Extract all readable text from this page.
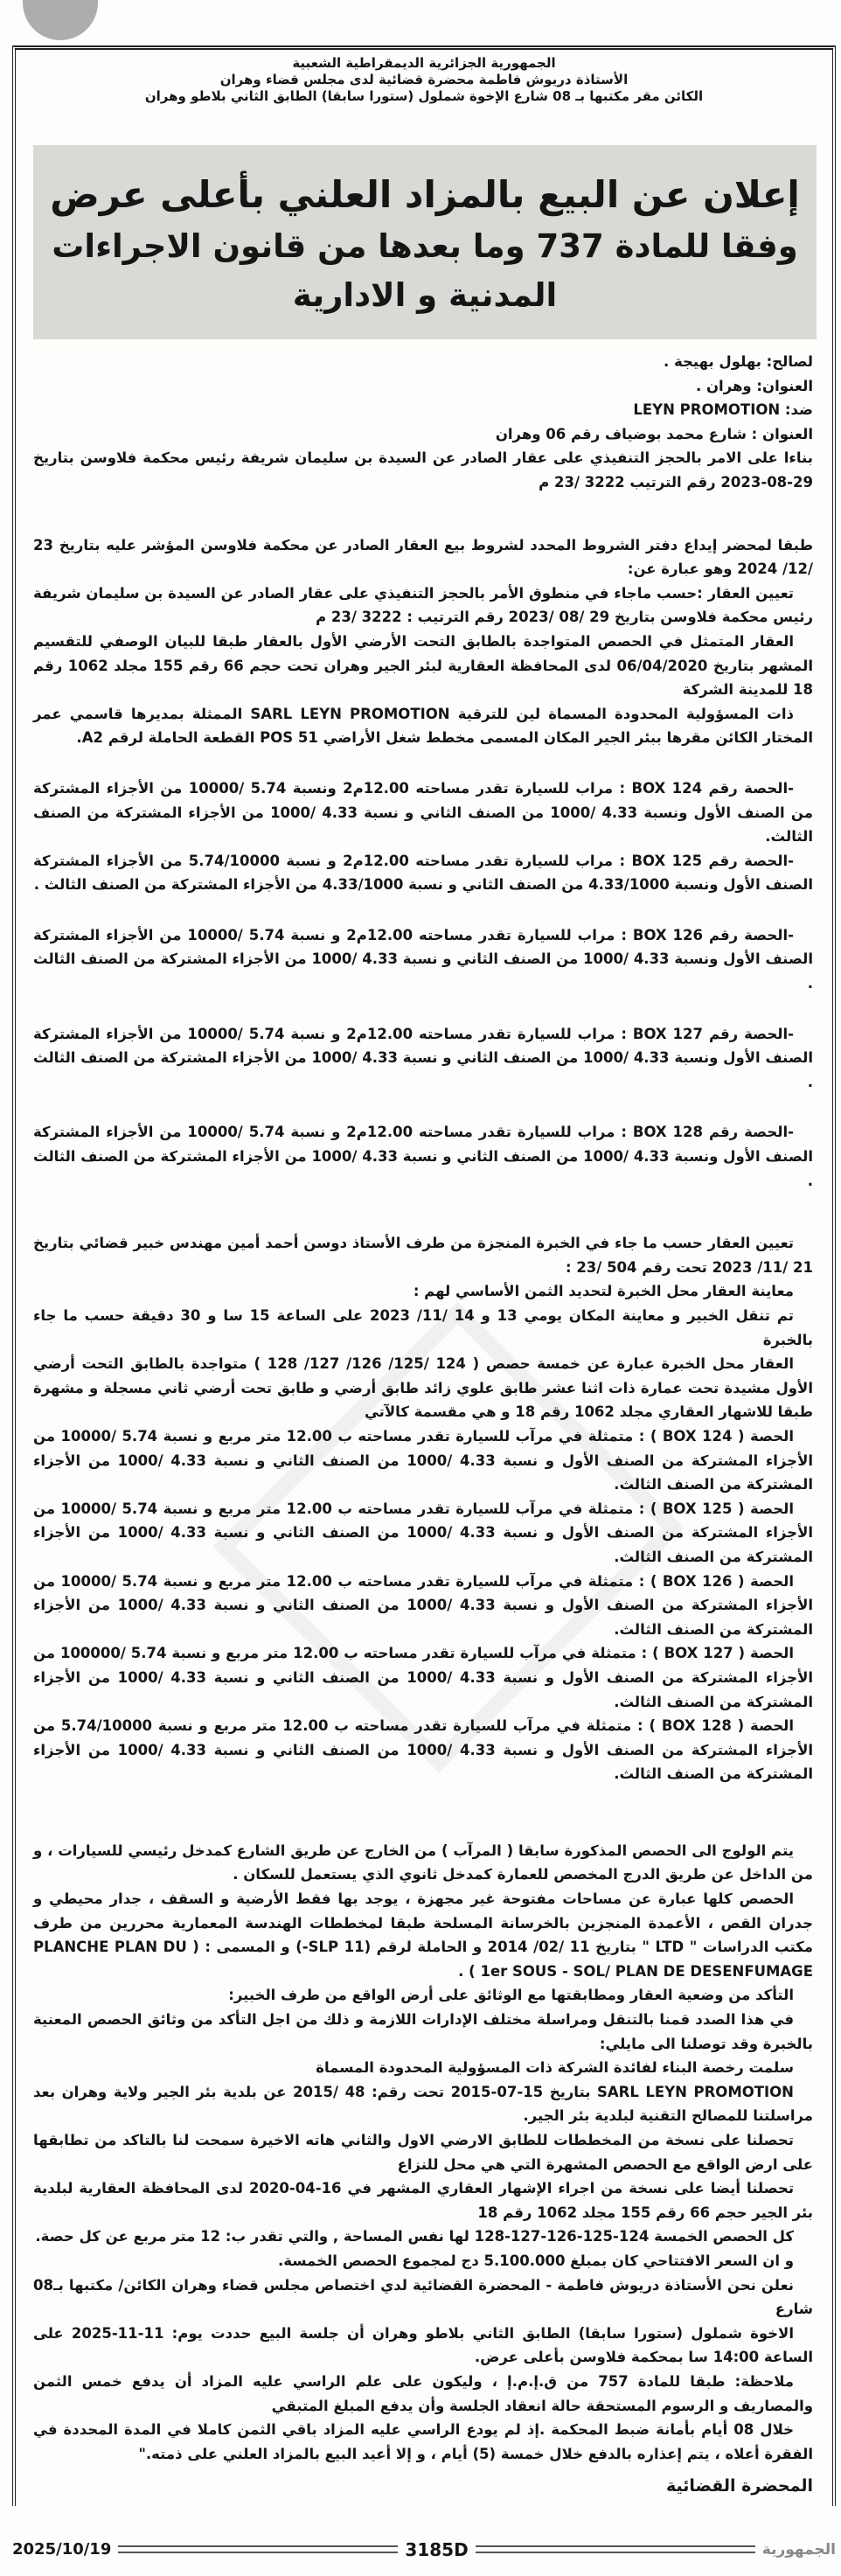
الجمهورية الجزائرية الديمقراطية الشعبية
الأستاذة دريوش فاطمة محضرة قضائية لدى مجلس قضاء وهران
الكائن مقر مكتبها بـ 08 شارع الإخوة شملول (ستورا سابقا) الطابق الثاني بلاطو وهران
إعلان عن البيع بالمزاد العلني بأعلى عرض
وفقا للمادة 737 وما بعدها من قانون الاجراءات المدنية و الادارية

لصالح: بهلول بهيجة .

العنوان: وهران .

ضد: LEYN PROMOTION

العنوان : شارع محمد بوضياف رقم 06 وهران

بناءا على الامر بالحجز التنفيذي على عقار الصادر عن السيدة بن سليمان شريفة رئيس محكمة فلاوسن بتاريخ 29-08-2023 رقم الترتيب 3222 /23 م

طبقا لمحضر إيداع دفتر الشروط المحدد لشروط بيع العقار الصادر عن محكمة فلاوسن المؤشر عليه بتاريخ 23 /12/ 2024 وهو عبارة عن:

تعيين العقار :حسب ماجاء في منطوق الأمر بالحجز التنفيذي على عقار الصادر عن السيدة بن سليمان شريفة رئيس محكمة فلاوسن بتاريخ 29 /08 /2023 رقم الترتيب : 3222 /23 م

العقار المتمثل في الحصص المتواجدة بالطابق التحت الأرضي الأول بالعقار طبقا للبيان الوصفي للتقسيم المشهر بتاريخ 06/04/2020 لدى المحافظة العقارية لبئر الجير وهران تحت حجم 66 رقم 155 مجلد 1062 رقم 18 للمدينة الشركة

ذات المسؤولية المحدودة المسماة لين للترقية SARL LEYN PROMOTION الممثلة بمديرها قاسمي عمر المختار الكائن مقرها ببئر الجير المكان المسمى مخطط شغل الأراضي POS 51 القطعة الحاملة لرقم A2.

-الحصة رقم BOX 124 : مراب للسيارة تقدر مساحته 12.00م2 ونسبة 5.74 /10000 من الأجزاء المشتركة من الصنف الأول ونسبة 4.33 /1000 من الصنف الثاني و نسبة 4.33 /1000 من الأجزاء المشتركة من الصنف الثالث.

-الحصة رقم BOX 125 : مراب للسيارة تقدر مساحته 12.00م2 و نسبة 5.74/10000 من الأجزاء المشتركة الصنف الأول ونسبة 4.33/1000 من الصنف الثاني و نسبة 4.33/1000 من الأجزاء المشتركة من الصنف الثالث .

-الحصة رقم BOX 126 : مراب للسيارة تقدر مساحته 12.00م2 و نسبة 5.74 /10000 من الأجزاء المشتركة الصنف الأول ونسبة 4.33 /1000 من الصنف الثاني و نسبة 4.33 /1000 من الأجزاء المشتركة من الصنف الثالث .

-الحصة رقم BOX 127 : مراب للسيارة تقدر مساحته 12.00م2 و نسبة 5.74 /10000 من الأجزاء المشتركة الصنف الأول ونسبة 4.33 /1000 من الصنف الثاني و نسبة 4.33 /1000 من الأجزاء المشتركة من الصنف الثالث .

-الحصة رقم BOX 128 : مراب للسيارة تقدر مساحته 12.00م2 و نسبة 5.74 /10000 من الأجزاء المشتركة الصنف الأول ونسبة 4.33 /1000 من الصنف الثاني و نسبة 4.33 /1000 من الأجزاء المشتركة من الصنف الثالث .

تعيين العقار حسب ما جاء في الخبرة المنجزة من طرف الأستاذ دوسن أحمد أمين مهندس خبير قضائي بتاريخ 21 /11/ 2023 تحت رقم 504 /23 :

معاينة العقار محل الخبرة لتحديد الثمن الأساسي لهم :

تم تنقل الخبير و معاينة المكان يومي 13 و 14 /11/ 2023 على الساعة 15 سا و 30 دقيقة حسب ما جاء بالخبرة

العقار محل الخبرة عبارة عن خمسة حصص ( 124 /125/ 126/ 127/ 128 ) متواجدة بالطابق التحت أرضي الأول مشيدة تحت عمارة ذات اثنا عشر طابق علوي زائد طابق أرضي و طابق تحت أرضي ثاني مسجلة و مشهرة طبقا للاشهار العقاري مجلد 1062 رقم 18 و هي مقسمة كالآتي

الحصة ( BOX 124 ) : متمثلة في مرآب للسيارة تقدر مساحته ب 12.00 متر مربع و نسبة 5.74 /10000 من الأجزاء المشتركة من الصنف الأول و نسبة 4.33 /1000 من الصنف الثاني و نسبة 4.33 /1000 من الأجزاء المشتركة من الصنف الثالث.

الحصة ( BOX 125 ) : متمثلة في مرآب للسيارة تقدر مساحته ب 12.00 متر مربع و نسبة 5.74 /10000 من الأجزاء المشتركة من الصنف الأول و نسبة 4.33 /1000 من الصنف الثاني و نسبة 4.33 /1000 من الأجزاء المشتركة من الصنف الثالث.

الحصة ( BOX 126 ) : متمثلة في مرآب للسيارة تقدر مساحته ب 12.00 متر مربع و نسبة 5.74 /10000 من الأجزاء المشتركة من الصنف الأول و نسبة 4.33 /1000 من الصنف الثاني و نسبة 4.33 /1000 من الأجزاء المشتركة من الصنف الثالث.

الحصة ( BOX 127 ) : متمثلة في مرآب للسيارة تقدر مساحته ب 12.00 متر مربع و نسبة 5.74 /100000 من الأجزاء المشتركة من الصنف الأول و نسبة 4.33 /1000 من الصنف الثاني و نسبة 4.33 /1000 من الأجزاء المشتركة من الصنف الثالث.

الحصة ( BOX 128 ) : متمثلة في مرآب للسيارة تقدر مساحته ب 12.00 متر مربع و نسبة 5.74/10000 من الأجزاء المشتركة من الصنف الأول و نسبة 4.33 /1000 من الصنف الثاني و نسبة 4.33 /1000 من الأجزاء المشتركة من الصنف الثالث.

يتم الولوج الى الحصص المذكورة سابقا ( المرآب ) من الخارج عن طريق الشارع كمدخل رئيسي للسيارات ، و من الداخل عن طريق الدرج المخصص للعمارة كمدخل ثانوي الذي يستعمل للسكان .

الحصص كلها عبارة عن مساحات مفتوحة غير مجهزة ، يوجد بها فقط الأرضية و السقف ، جدار محيطي و جدران القص ، الأعمدة المنجزين بالخرسانة المسلحة طبقا لمخططات الهندسة المعمارية محررين من طرف مكتب الدراسات " LTD " بتاريخ 11 /02/ 2014 و الحاملة لرقم (SLP 11-) و المسمى : ( PLANCHE PLAN DU 1er SOUS - SOL/ PLAN DE DESENFUMAGE ) .

التأكد من وضعية العقار ومطابقتها مع الوثائق على أرض الواقع من طرف الخبير:

في هذا الصدد قمنا بالتنقل ومراسلة مختلف الإدارات اللازمة و ذلك من اجل التأكد من وثائق الحصص المعنية بالخبرة وقد توصلنا الى مايلي:

سلمت رخصة البناء لفائدة الشركة ذات المسؤولية المحدودة المسماة

SARL LEYN PROMOTION بتاريخ 15-07-2015 تحت رقم: 48 /2015 عن بلدية بئر الجير ولاية وهران بعد مراسلتنا للمصالح التقنية لبلدية بئر الجير.

تحصلنا على نسخة من المخططات للطابق الارضي الاول والثاني هاته الاخيرة سمحت لنا بالتاكد من تطابقها على ارض الواقع مع الحصص المشهرة التي هي محل للنزاع

تحصلنا أيضا على نسخة من اجراء الإشهار العقاري المشهر في 16-04-2020 لدى المحافظة العقارية لبلدية بئر الجير حجم 66 رقم 155 مجلد 1062 رقم 18

كل الحصص الخمسة 124-125-126-127-128 لها نفس المساحة , والتي تقدر ب: 12 متر مربع عن كل حصة.

و ان السعر الافتتاحي كان بمبلغ 5.100.000 دج لمجموع الحصص الخمسة.

نعلن نحن الأستاذة دريوش فاطمة - المحضرة القضائية لدي اختصاص مجلس قضاء وهران الكائن/ مكتبها بـ08 شارع

الاخوة شملول (ستورا سابقا) الطابق الثاني بلاطو وهران أن جلسة البيع حددت يوم: 11-11-2025 على الساعة 14:00 سا بمحكمة فلاوسن بأعلى عرض.

ملاحظة: طبقا للمادة 757 من ق.إ.م.إ ، وليكون على علم الراسي عليه المزاد أن يدفع خمس الثمن والمصاريف و الرسوم المستحقة حالة انعقاد الجلسة وأن يدفع المبلغ المتبقي

خلال 08 أيام بأمانة ضبط المحكمة .إذ لم يودع الراسي عليه المزاد باقي الثمن كاملا في المدة المحددة في الفقرة أعلاه ، يتم إعذاره بالدفع خلال خمسة (5) أيام ، و إلا أعيد البيع بالمزاد العلني على ذمته."

المحضرة القضائية

2025/10/19	3185D	الجمهورية
